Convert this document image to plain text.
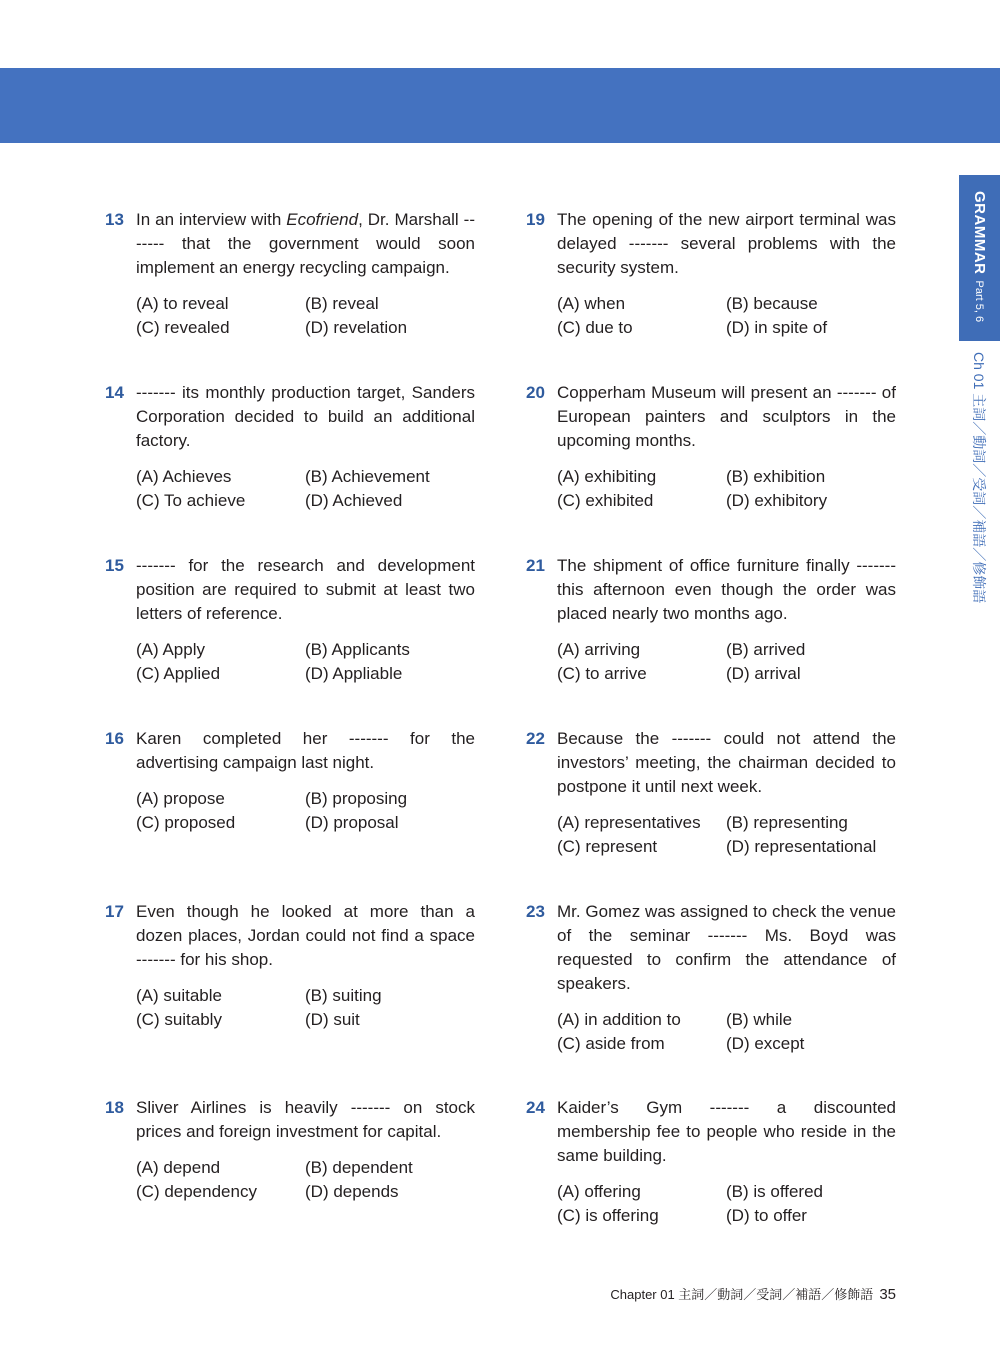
GRAMMAR
Part 5, 6
Ch 01 主詞／動詞／受詞／補語／修飾語
13 In an interview with Ecofriend, Dr. Marshall ------- that the government would soon implement an energy recycling campaign.

(A) to reveal	(B) reveal
(C) revealed	(D) revelation
14 ------- its monthly production target, Sanders Corporation decided to build an additional factory.

(A) Achieves	(B) Achievement
(C) To achieve	(D) Achieved
15 ------- for the research and development position are required to submit at least two letters of reference.

(A) Apply	(B) Applicants
(C) Applied	(D) Appliable
16 Karen completed her ------- for the advertising campaign last night.

(A) propose	(B) proposing
(C) proposed	(D) proposal
17 Even though he looked at more than a dozen places, Jordan could not find a space ------- for his shop.

(A) suitable	(B) suiting
(C) suitably	(D) suit
18 Sliver Airlines is heavily ------- on stock prices and foreign investment for capital.

(A) depend	(B) dependent
(C) dependency	(D) depends
19 The opening of the new airport terminal was delayed ------- several problems with the security system.

(A) when	(B) because
(C) due to	(D) in spite of
20 Copperham Museum will present an ------- of European painters and sculptors in the upcoming months.

(A) exhibiting	(B) exhibition
(C) exhibited	(D) exhibitory
21 The shipment of office furniture finally ------- this afternoon even though the order was placed nearly two months ago.

(A) arriving	(B) arrived
(C) to arrive	(D) arrival
22 Because the ------- could not attend the investors’ meeting, the chairman decided to postpone it until next week.

(A) representatives	(B) representing
(C) represent	(D) representational
23 Mr. Gomez was assigned to check the venue of the seminar ------- Ms. Boyd was requested to confirm the attendance of speakers.

(A) in addition to	(B) while
(C) aside from	(D) except
24 Kaider’s Gym ------- a discounted membership fee to people who reside in the same building.

(A) offering	(B) is offered
(C) is offering	(D) to offer
Chapter 01 主詞／動詞／受詞／補語／修飾語 35
